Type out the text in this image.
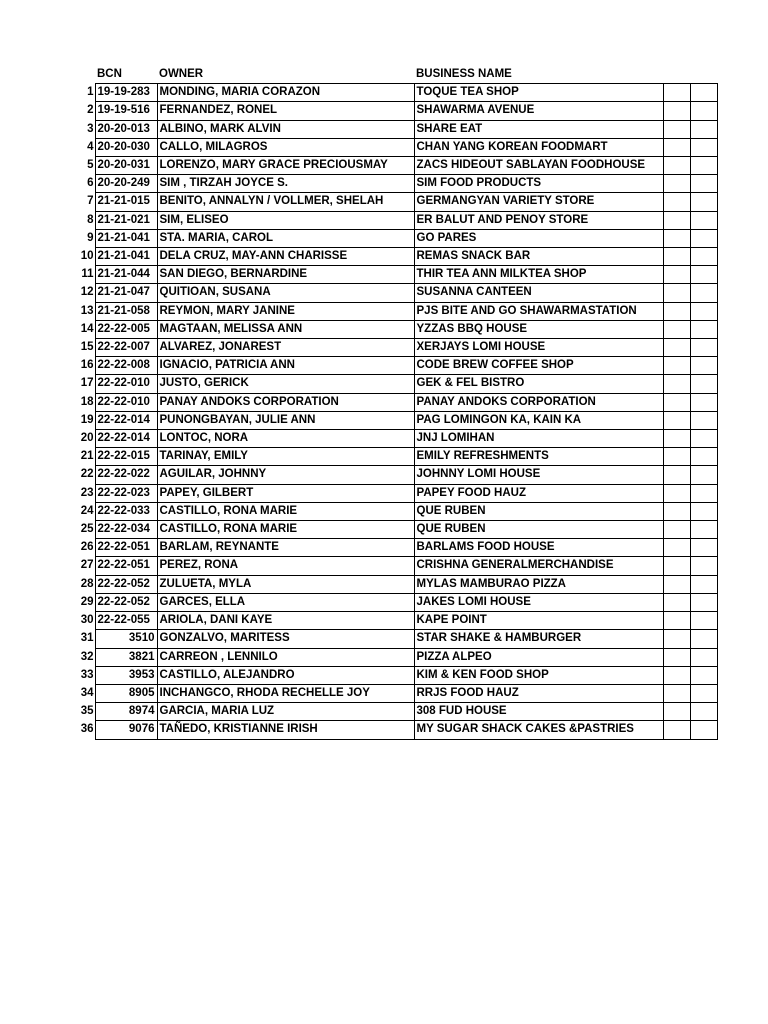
	BCN	OWNER	BUSINESS NAME		
1	19-19-283	MONDING, MARIA CORAZON	TOQUE TEA SHOP		
2	19-19-516	FERNANDEZ, RONEL	SHAWARMA AVENUE		
3	20-20-013	ALBINO, MARK ALVIN	SHARE EAT		
4	20-20-030	CALLO, MILAGROS	CHAN YANG KOREAN FOODMART		
5	20-20-031	LORENZO, MARY GRACE PRECIOUSMAY	ZACS HIDEOUT SABLAYAN FOODHOUSE		
6	20-20-249	SIM , TIRZAH JOYCE S.	SIM FOOD PRODUCTS		
7	21-21-015	BENITO, ANNALYN / VOLLMER, SHELAH	GERMANGYAN VARIETY STORE		
8	21-21-021	SIM, ELISEO	ER BALUT AND PENOY STORE		
9	21-21-041	STA. MARIA, CAROL	GO PARES		
10	21-21-041	DELA CRUZ, MAY-ANN CHARISSE	REMAS SNACK BAR		
11	21-21-044	SAN DIEGO, BERNARDINE	THIR TEA ANN MILKTEA SHOP		
12	21-21-047	QUITIOAN, SUSANA	SUSANNA CANTEEN		
13	21-21-058	REYMON, MARY JANINE	PJS BITE AND GO SHAWARMASTATION		
14	22-22-005	MAGTAAN, MELISSA ANN	YZZAS BBQ HOUSE		
15	22-22-007	ALVAREZ, JONAREST	XERJAYS LOMI HOUSE		
16	22-22-008	IGNACIO, PATRICIA ANN	CODE BREW COFFEE SHOP		
17	22-22-010	JUSTO, GERICK	GEK & FEL BISTRO		
18	22-22-010	PANAY ANDOKS CORPORATION	PANAY ANDOKS CORPORATION		
19	22-22-014	PUNONGBAYAN, JULIE ANN	PAG LOMINGON KA, KAIN KA		
20	22-22-014	LONTOC, NORA	JNJ LOMIHAN		
21	22-22-015	TARINAY, EMILY	EMILY REFRESHMENTS		
22	22-22-022	AGUILAR, JOHNNY	JOHNNY LOMI HOUSE		
23	22-22-023	PAPEY, GILBERT	PAPEY FOOD HAUZ		
24	22-22-033	CASTILLO, RONA MARIE	QUE RUBEN		
25	22-22-034	CASTILLO, RONA MARIE	QUE RUBEN		
26	22-22-051	BARLAM, REYNANTE	BARLAMS FOOD HOUSE		
27	22-22-051	PEREZ, RONA	CRISHNA GENERALMERCHANDISE		
28	22-22-052	ZULUETA, MYLA	MYLAS MAMBURAO PIZZA		
29	22-22-052	GARCES, ELLA	JAKES LOMI HOUSE		
30	22-22-055	ARIOLA, DANI KAYE	KAPE POINT		
31	3510	GONZALVO, MARITESS	STAR SHAKE & HAMBURGER		
32	3821	CARREON , LENNILO	PIZZA ALPEO		
33	3953	CASTILLO, ALEJANDRO	KIM & KEN FOOD SHOP		
34	8905	INCHANGCO, RHODA RECHELLE JOY	RRJS FOOD HAUZ		
35	8974	GARCIA, MARIA LUZ	308 FUD HOUSE		
36	9076	TAÑEDO, KRISTIANNE IRISH	MY SUGAR SHACK CAKES &PASTRIES		
